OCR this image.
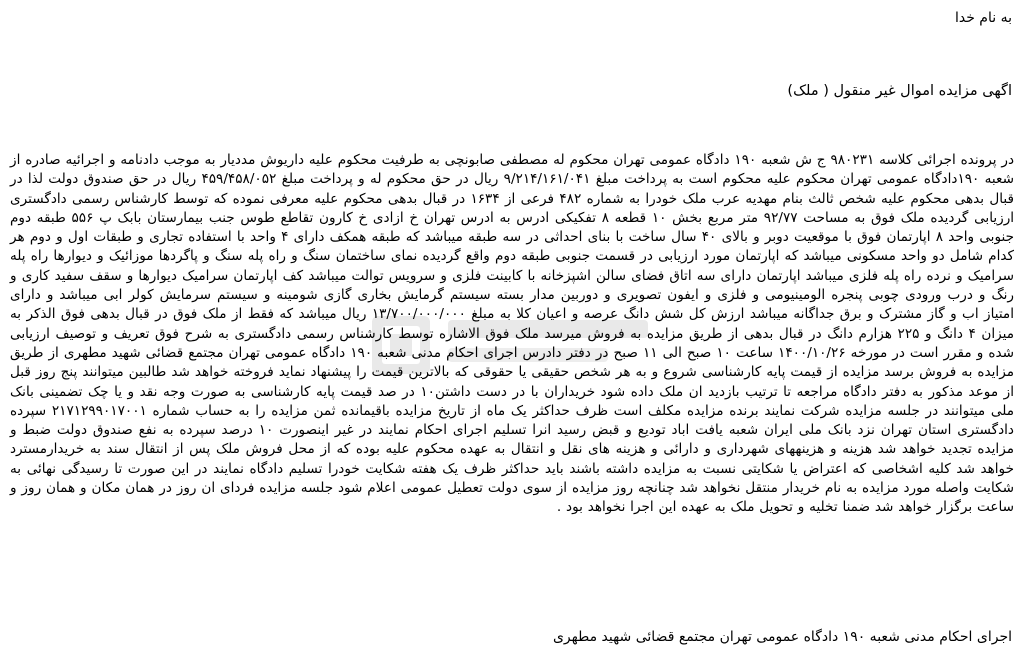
به نام خدا
اگهی مزایده اموال غیر منقول ( ملک)
در پرونده اجرائی کلاسه ۹۸۰۲۳۱ ج ش شعبه ۱۹۰ دادگاه عمومی تهران محکوم له مصطفی صابونچی به طرفیت محکوم علیه داریوش مددیار به موجب دادنامه و اجرائیه صادره از شعبه ۱۹۰دادگاه عمومی تهران محکوم علیه محکوم است به پرداخت مبلغ ۹/۲۱۴/۱۶۱/۰۴۱ ریال در حق محکوم له و پرداخت مبلغ ۴۵۹/۴۵۸/۰۵۲ ریال در حق صندوق دولت لذا در قبال بدهی محکوم علیه شخص ثالث بنام مهدیه عرب ملک خودرا به شماره ۴۸۲ فرعی از ۱۶۳۴ در قبال بدهی محکوم علیه معرفی نموده که توسط کارشناس رسمی دادگستری ارزیابی گردیده ملک فوق به مساحت ۹۲/۷۷ متر مربع بخش ۱۰ قطعه ۸ تفکیکی ادرس به ادرس تهران خ ازادی خ کارون تقاطع طوس جنب بیمارستان بابک پ ۵۵۶ طبقه دوم جنوبی واحد ۸ اپارتمان فوق با موقعیت دوبر و بالای ۴۰ سال ساخت با بنای احداثی در سه طبقه میباشد که طبقه همکف دارای ۴ واحد با استفاده تجاری و طبقات اول و دوم هر کدام شامل دو واحد مسکونی میباشد که اپارتمان مورد ارزیابی در قسمت جنوبی طبقه دوم واقع گردیده نمای ساختمان سنگ و راه پله سنگ و پاگردها موزائیک و دیوارها راه پله سرامیک و نرده راه پله فلزی میباشد اپارتمان دارای سه اتاق فضای سالن اشپزخانه با کابینت فلزی و سرویس توالت میباشد کف اپارتمان سرامیک دیوارها و سقف سفید کاری و رنگ و درب ورودی چوبی پنجره الومینیومی و فلزی و ایفون تصویری و دوربین مدار بسته سیستم گرمایش بخاری گازی شومینه و سیستم سرمایش کولر ابی میباشد و دارای امتیاز اب و گاز مشترک و برق جداگانه میباشد ارزش کل شش دانگ عرصه و اعیان کلا به مبلغ ۱۳/۷۰۰/۰۰۰/۰۰۰ ریال میباشد که فقط از ملک فوق در قبال بدهی فوق الذکر به میزان ۴ دانگ و ۲۲۵ هزارم دانگ در قبال بدهی از طریق مزایده به فروش میرسد ملک فوق الاشاره توسط کارشناس رسمی دادگستری به شرح فوق تعریف و توصیف ارزیابی شده و مقرر است در مورخه ۱۴۰۰/۱۰/۲۶ ساعت ۱۰ صبح الی ۱۱ صبح در دفتر دادرس اجرای احکام مدنی شعبه ۱۹۰ دادگاه عمومی تهران مجتمع قضائی شهید مطهری از طریق مزایده به فروش برسد مزایده از قیمت پایه کارشناسی شروع و به هر شخص حقیقی یا حقوقی که بالاترین قیمت را پیشنهاد نماید فروخته خواهد شد طالبین میتوانند پنج روز قبل از موعد مذکور به دفتر دادگاه مراجعه تا ترتیب بازدید ان ملک داده شود خریداران با در دست داشتن۱۰ در صد قیمت پایه کارشناسی به صورت وجه نقد و یا چک تضمینی بانک ملی میتوانند در جلسه مزایده شرکت نمایند برنده مزایده مکلف است ظرف حداکثر یک ماه از تاریخ مزایده باقیمانده ثمن مزایده را به حساب شماره ۲۱۷۱۲۹۹۰۱۷۰۰۱ سپرده دادگستری استان تهران نزد بانک ملی ایران شعبه یافت اباد تودیع و قبض رسید انرا تسلیم اجرای احکام نمایند در غیر اینصورت ۱۰ درصد سپرده به نفع صندوق دولت ضبط و مزایده تجدید خواهد شد هزینه و هزینههای شهرداری و دارائی و هزینه های نقل و انتقال به عهده محکوم علیه بوده که از محل فروش ملک پس از انتقال سند به خریدارمسترد خواهد شد کلیه اشخاصی که اعتراض یا شکایتی نسبت به مزایده داشته باشند باید حداکثر ظرف یک هفته شکایت خودرا تسلیم دادگاه نمایند در این صورت تا رسیدگی نهائی به شکایت واصله مورد مزایده به نام خریدار منتقل نخواهد شد چنانچه روز مزایده از سوی دولت تعطیل عمومی اعلام شود جلسه مزایده فردای ان روز در همان مکان و همان روز و ساعت برگزار خواهد شد ضمنا تخلیه و تحویل ملک به عهده این اجرا نخواهد بود .
اجرای احکام مدنی شعبه ۱۹۰ دادگاه عمومی تهران مجتمع قضائی شهید مطهری
